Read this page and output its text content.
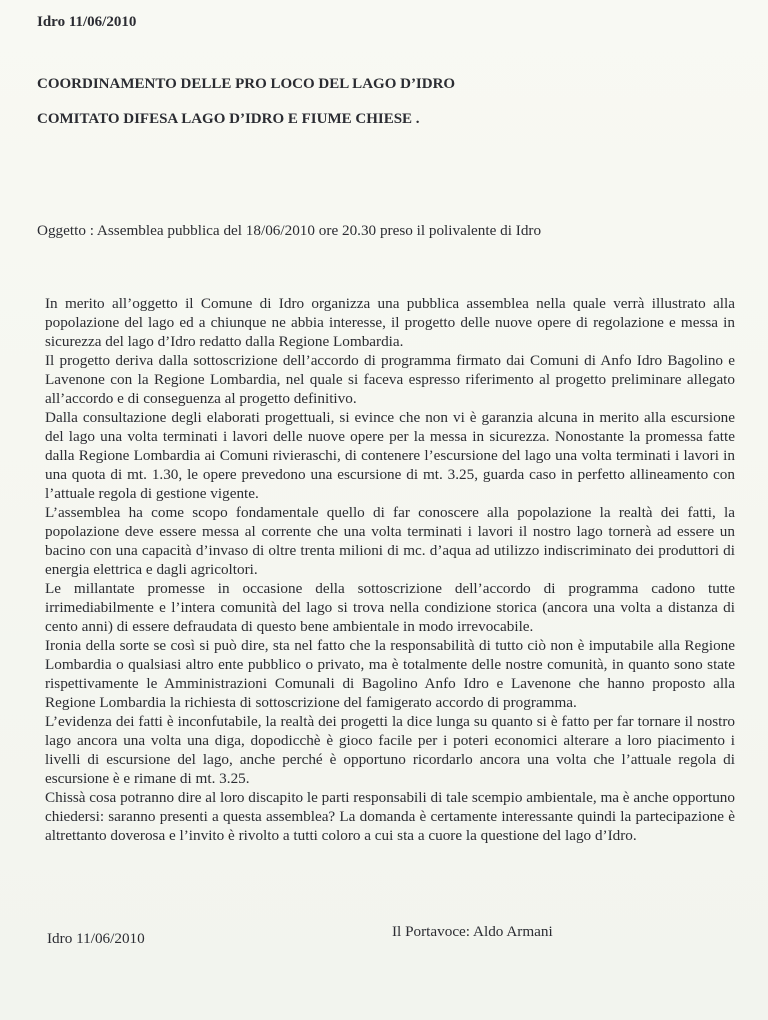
Idro 11/06/2010

COORDINAMENTO DELLE PRO LOCO DEL LAGO D’IDRO

COMITATO DIFESA LAGO D’IDRO E FIUME CHIESE .

Oggetto : Assemblea pubblica del 18/06/2010 ore 20.30 preso il polivalente di Idro

In merito all’oggetto il Comune di Idro organizza una pubblica assemblea nella quale verrà illustrato alla popolazione del lago ed a chiunque ne abbia interesse, il progetto delle nuove opere di regolazione e messa in sicurezza del lago d’Idro redatto dalla Regione Lombardia.

Il progetto deriva dalla sottoscrizione dell’accordo di programma firmato dai Comuni di Anfo Idro Bagolino e Lavenone con la Regione Lombardia, nel quale si faceva espresso riferimento al progetto preliminare allegato all’accordo e di conseguenza al progetto definitivo.

Dalla consultazione degli elaborati progettuali, si evince che non vi è garanzia alcuna in merito alla escursione del lago una volta terminati i lavori delle nuove opere per la messa in sicurezza. Nonostante la promessa fatte dalla Regione Lombardia ai Comuni rivieraschi, di contenere l’escursione del lago una volta terminati i lavori in una quota di mt. 1.30, le opere prevedono una escursione di mt. 3.25, guarda caso in perfetto allineamento con l’attuale regola di gestione vigente.

L’assemblea ha come scopo fondamentale quello di far conoscere alla popolazione la realtà dei fatti, la popolazione deve essere messa al corrente che una volta terminati i lavori il nostro lago tornerà ad essere un bacino con una capacità d’invaso di oltre trenta milioni di mc. d’aqua ad utilizzo indiscriminato dei produttori di energia elettrica e dagli agricoltori.

Le millantate promesse in occasione della sottoscrizione dell’accordo di programma cadono tutte irrimediabilmente e l’intera comunità del lago si trova nella condizione storica (ancora una volta a distanza di cento anni) di essere defraudata di questo bene ambientale in modo irrevocabile.

Ironia della sorte se così si può dire, sta nel fatto che la responsabilità di tutto ciò non è imputabile alla Regione Lombardia o qualsiasi altro ente pubblico o privato, ma è totalmente delle nostre comunità, in quanto sono state rispettivamente le Amministrazioni Comunali di Bagolino Anfo Idro e Lavenone che hanno proposto alla Regione Lombardia la richiesta di sottoscrizione del famigerato accordo di programma.

L’evidenza dei fatti è inconfutabile, la realtà dei progetti la dice lunga su quanto si è fatto per far tornare il nostro lago ancora una volta una diga, dopodicchè è gioco facile per i poteri economici alterare a loro piacimento i livelli di escursione del lago, anche perché è opportuno ricordarlo ancora una volta che l’attuale regola di escursione è e rimane di mt. 3.25.

Chissà cosa potranno dire al loro discapito le parti responsabili di tale scempio ambientale, ma è anche opportuno chiedersi: saranno presenti a questa assemblea? La domanda è certamente interessante quindi la partecipazione è altrettanto doverosa e l’invito è rivolto a tutti coloro a cui sta a cuore la questione del lago d’Idro.

Idro 11/06/2010	Il Portavoce: Aldo Armani
